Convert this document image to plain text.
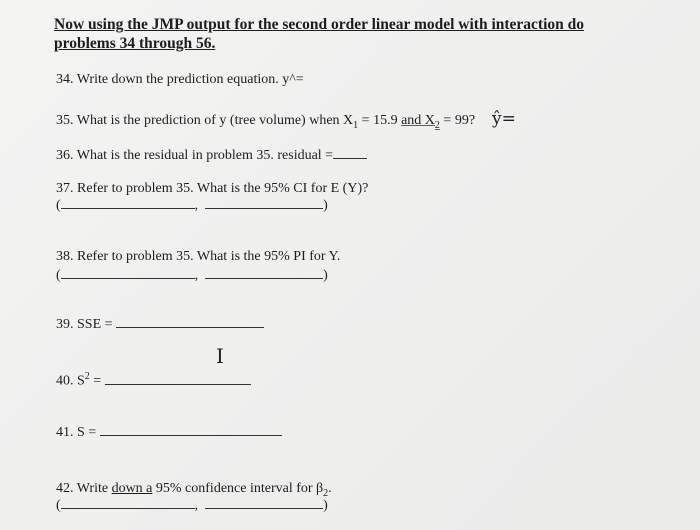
Now using the JMP output for the second order linear model with interaction do problems 34 through 56.
34. Write down the prediction equation. y^=
35. What is the prediction of y (tree volume) when $X_1 = 15.9$ and $X_2 = 99$? ŷ=
36. What is the residual in problem 35. residual =
37. Refer to problem 35. What is the 95% CI for E (Y)?
(	,	)
38. Refer to problem 35. What is the 95% PI for Y.
(	,	)
39. SSE =
I
40. $S^2$ =
41. S =
42. Write down a 95% confidence interval for $\beta_2$.
(	,	)
